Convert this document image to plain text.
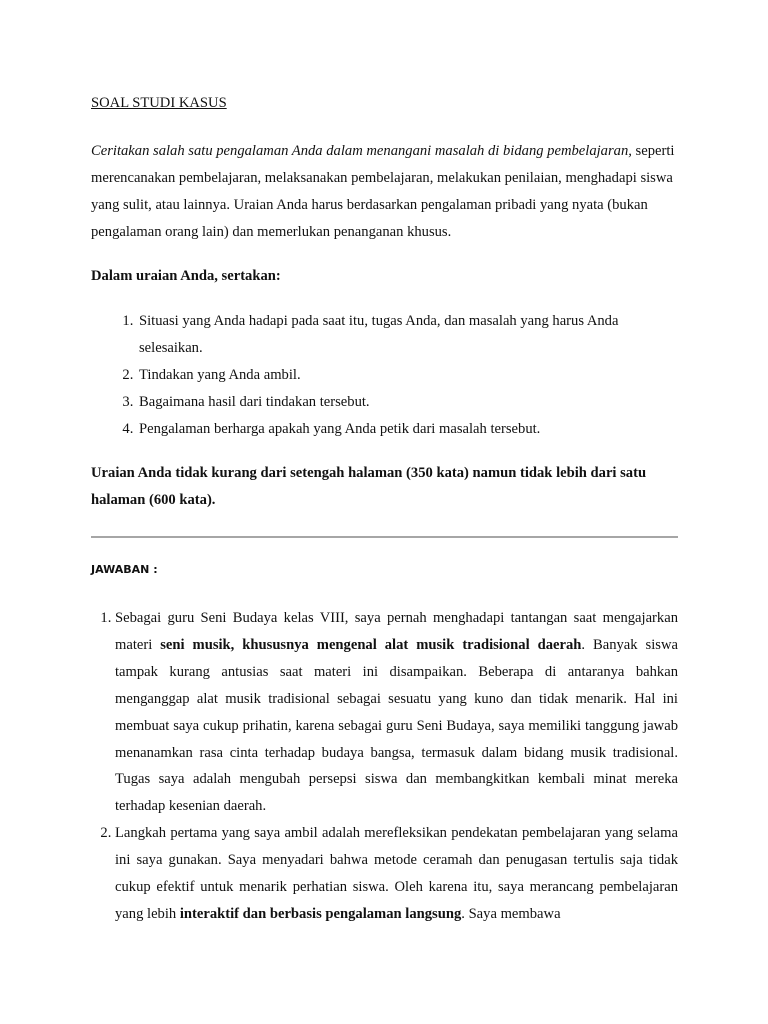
SOAL STUDI KASUS

Ceritakan salah satu pengalaman Anda dalam menangani masalah di bidang pembelajaran, seperti merencanakan pembelajaran, melaksanakan pembelajaran, melakukan penilaian, menghadapi siswa yang sulit, atau lainnya. Uraian Anda harus berdasarkan pengalaman pribadi yang nyata (bukan pengalaman orang lain) dan memerlukan penanganan khusus.

Dalam uraian Anda, sertakan:

1. Situasi yang Anda hadapi pada saat itu, tugas Anda, dan masalah yang harus Anda selesaikan.
2. Tindakan yang Anda ambil.
3. Bagaimana hasil dari tindakan tersebut.
4. Pengalaman berharga apakah yang Anda petik dari masalah tersebut.

Uraian Anda tidak kurang dari setengah halaman (350 kata) namun tidak lebih dari satu halaman (600 kata).

JAWABAN :

1. Sebagai guru Seni Budaya kelas VIII, saya pernah menghadapi tantangan saat mengajarkan materi seni musik, khususnya mengenal alat musik tradisional daerah. Banyak siswa tampak kurang antusias saat materi ini disampaikan. Beberapa di antaranya bahkan menganggap alat musik tradisional sebagai sesuatu yang kuno dan tidak menarik. Hal ini membuat saya cukup prihatin, karena sebagai guru Seni Budaya, saya memiliki tanggung jawab menanamkan rasa cinta terhadap budaya bangsa, termasuk dalam bidang musik tradisional. Tugas saya adalah mengubah persepsi siswa dan membangkitkan kembali minat mereka terhadap kesenian daerah.
2. Langkah pertama yang saya ambil adalah merefleksikan pendekatan pembelajaran yang selama ini saya gunakan. Saya menyadari bahwa metode ceramah dan penugasan tertulis saja tidak cukup efektif untuk menarik perhatian siswa. Oleh karena itu, saya merancang pembelajaran yang lebih interaktif dan berbasis pengalaman langsung. Saya membawa
